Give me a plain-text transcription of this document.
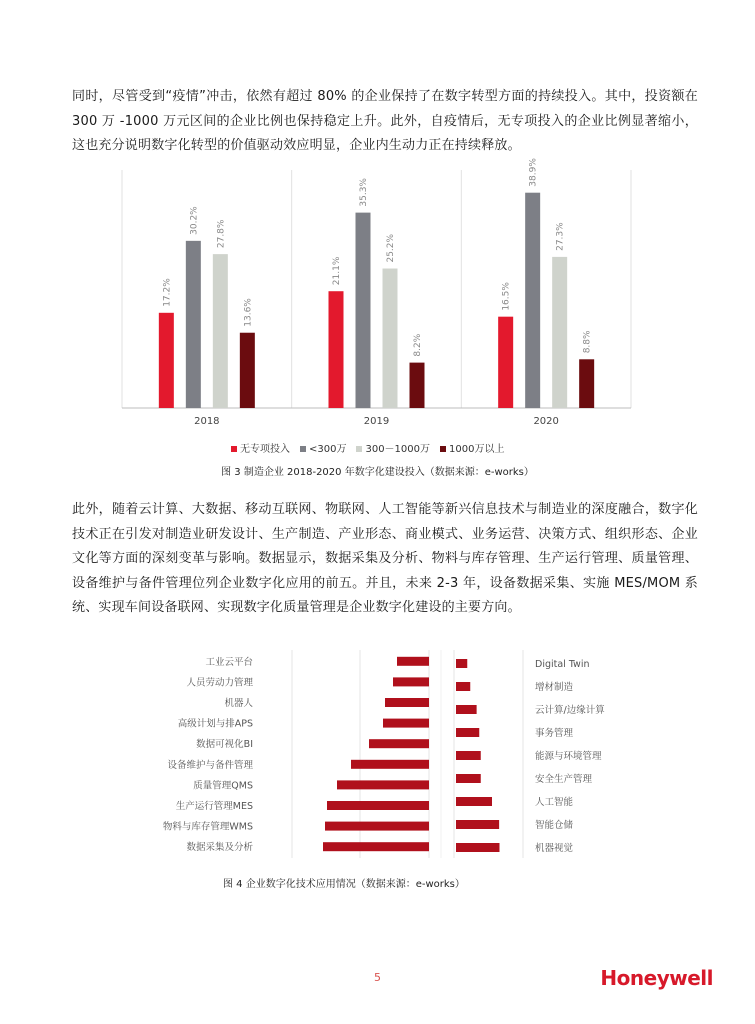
同时，尽管受到“疫情”冲击，依然有超过 80% 的企业保持了在数字转型方面的持续投入。其中，投资额在 300 万 -1000 万元区间的企业比例也保持稳定上升。此外，自疫情后，无专项投入的企业比例显著缩小，这也充分说明数字化转型的价值驱动效应明显，企业内生动力正在持续释放。

17.2%
30.2% 27.8%
13.6%
2018
21.1%
35.3%
25.2%
8.2%
2019
16.5%
38.9%
27.3%
8.8%
2020
无专项投入	<300万	300－1000万	1000万以上

图 3 制造企业 2018-2020 年数字化建设投入（数据来源：e-works）

此外，随着云计算、大数据、移动互联网、物联网、人工智能等新兴信息技术与制造业的深度融合，数字化技术正在引发对制造业研发设计、生产制造、产业形态、商业模式、业务运营、决策方式、组织形态、企业文化等方面的深刻变革与影响。数据显示，数据采集及分析、物料与库存管理、生产运行管理、质量管理、设备维护与备件管理位列企业数字化应用的前五。并且，未来 2-3 年，设备数据采集、实施 MES/MOM 系统、实现车间设备联网、实现数字化质量管理是企业数字化建设的主要方向。

工业云平台
人员劳动力管理
机器人
高级计划与排APS
数据可视化BI
设备维护与备件管理
质量管理QMS
生产运行管理MES
物料与库存管理WMS
数据采集及分析
Digital Twin
增材制造
云计算/边缘计算
事务管理
能源与环境管理
安全生产管理
人工智能
智能仓储
机器视觉

图 4 企业数字化技术应用情况（数据来源：e-works）

5	Honeywell
